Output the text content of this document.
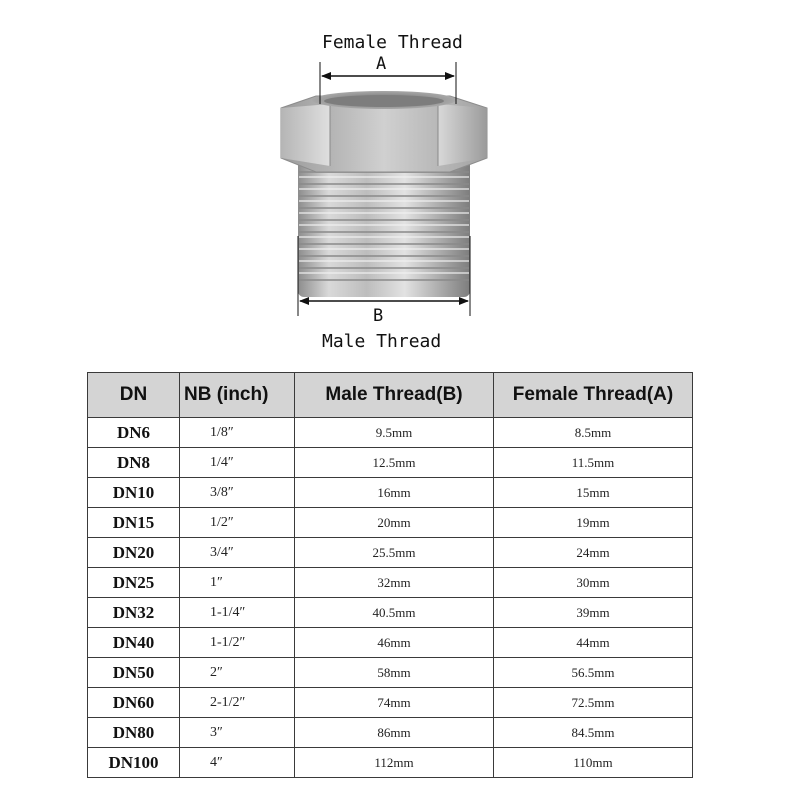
Female Thread
A
B
Male Thread
DN	NB (inch)	Male Thread(B)	Female Thread(A)
DN6	1/8″	9.5mm	8.5mm
DN8	1/4″	12.5mm	11.5mm
DN10	3/8″	16mm	15mm
DN15	1/2″	20mm	19mm
DN20	3/4″	25.5mm	24mm
DN25	1″	32mm	30mm
DN32	1-1/4″	40.5mm	39mm
DN40	1-1/2″	46mm	44mm
DN50	2″	58mm	56.5mm
DN60	2-1/2″	74mm	72.5mm
DN80	3″	86mm	84.5mm
DN100	4″	112mm	110mm
